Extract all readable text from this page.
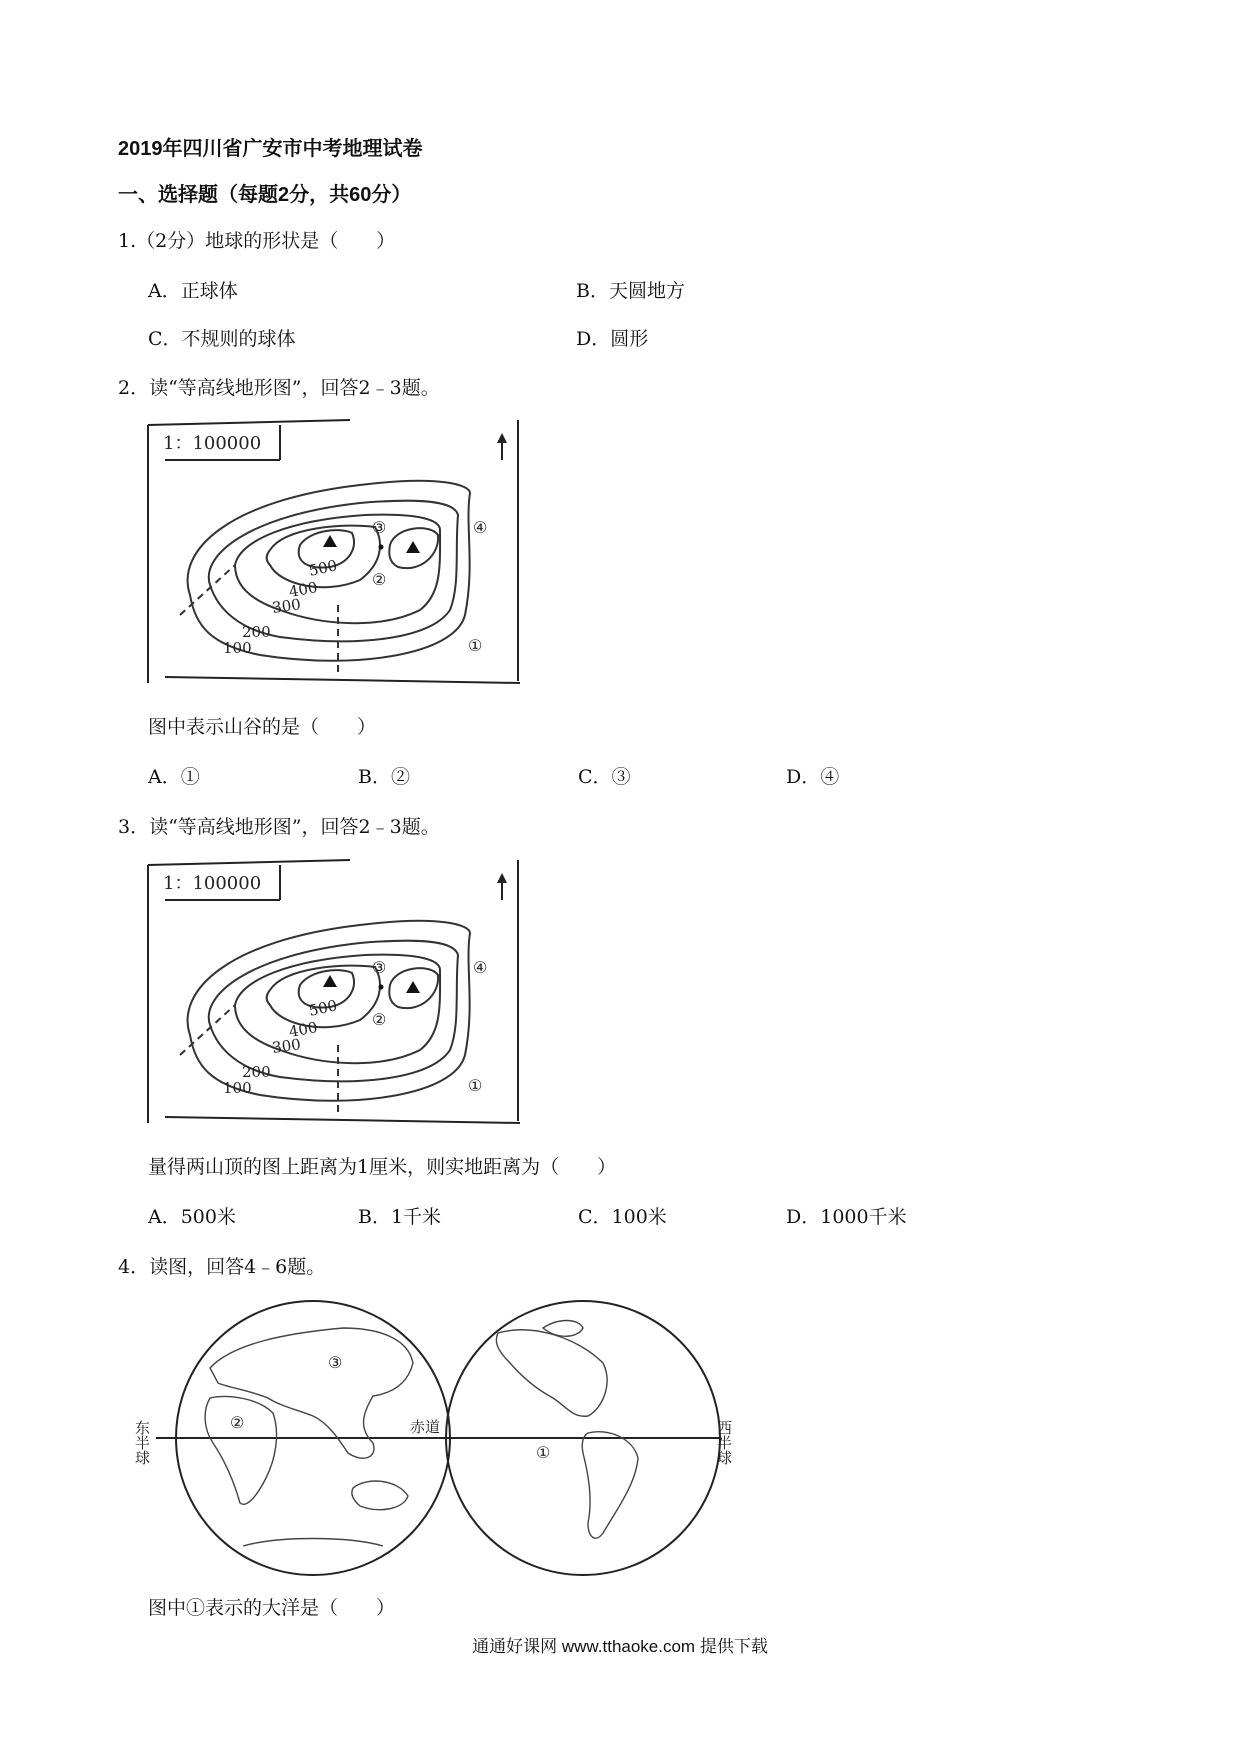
2019年四川省广安市中考地理试卷
一、选择题（每题2分，共60分）
1.（2分）地球的形状是（　　）
A．正球体	B．天圆地方
C．不规则的球体	D．圆形
2．读“等高线地形图”，回答2﹣3题。
1：100000
500
400
300
200
100	①
②
③	④
图中表示山谷的是（　　）
A．①	B．②	C．③	D．④
3．读“等高线地形图”，回答2﹣3题。
1：100000
500
400
300
200
100	①
②
③	④
量得两山顶的图上距离为1厘米，则实地距离为（　　）
A．500米	B．1千米	C．100米	D．1000千米
4．读图，回答4﹣6题。
东半球	西半球
赤道
①
②
③
图中①表示的大洋是（　　）
通通好课网 www.tthaoke.com 提供下载
